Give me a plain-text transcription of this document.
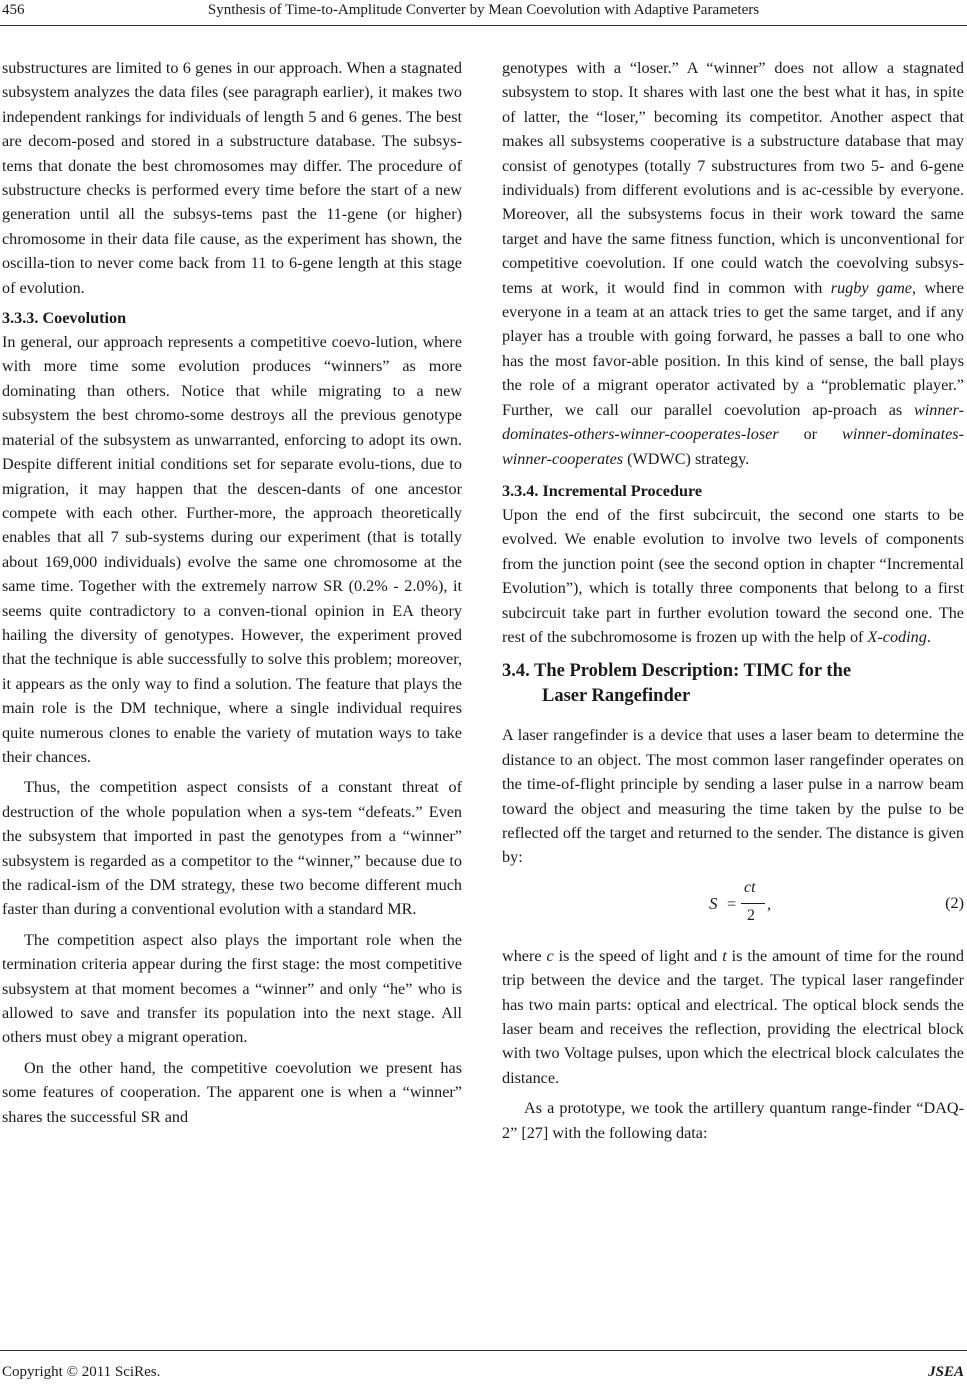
456	Synthesis of Time-to-Amplitude Converter by Mean Coevolution with Adaptive Parameters

substructures are limited to 6 genes in our approach. When a stagnated subsystem analyzes the data files (see paragraph earlier), it makes two independent rankings for individuals of length 5 and 6 genes. The best are decom-posed and stored in a substructure database. The subsys-tems that donate the best chromosomes may differ. The procedure of substructure checks is performed every time before the start of a new generation until all the subsys-tems past the 11-gene (or higher) chromosome in their data file cause, as the experiment has shown, the oscilla-tion to never come back from 11 to 6-gene length at this stage of evolution.

3.3.3. Coevolution

In general, our approach represents a competitive coevo-lution, where with more time some evolution produces “winners” as more dominating than others. Notice that while migrating to a new subsystem the best chromo-some destroys all the previous genotype material of the subsystem as unwarranted, enforcing to adopt its own. Despite different initial conditions set for separate evolu-tions, due to migration, it may happen that the descen-dants of one ancestor compete with each other. Further-more, the approach theoretically enables that all 7 sub-systems during our experiment (that is totally about 169,000 individuals) evolve the same one chromosome at the same time. Together with the extremely narrow SR (0.2% - 2.0%), it seems quite contradictory to a conven-tional opinion in EA theory hailing the diversity of genotypes. However, the experiment proved that the technique is able successfully to solve this problem; moreover, it appears as the only way to find a solution. The feature that plays the main role is the DM technique, where a single individual requires quite numerous clones to enable the variety of mutation ways to take their chances.

Thus, the competition aspect consists of a constant threat of destruction of the whole population when a sys-tem “defeats.” Even the subsystem that imported in past the genotypes from a “winner” subsystem is regarded as a competitor to the “winner,” because due to the radical-ism of the DM strategy, these two become different much faster than during a conventional evolution with a standard MR.

The competition aspect also plays the important role when the termination criteria appear during the first stage: the most competitive subsystem at that moment becomes a “winner” and only “he” who is allowed to save and transfer its population into the next stage. All others must obey a migrant operation.

On the other hand, the competitive coevolution we present has some features of cooperation. The apparent one is when a “winner” shares the successful SR and

genotypes with a “loser.” A “winner” does not allow a stagnated subsystem to stop. It shares with last one the best what it has, in spite of latter, the “loser,” becoming its competitor. Another aspect that makes all subsystems cooperative is a substructure database that may consist of genotypes (totally 7 substructures from two 5- and 6-gene individuals) from different evolutions and is ac-cessible by everyone. Moreover, all the subsystems focus in their work toward the same target and have the same fitness function, which is unconventional for competitive coevolution. If one could watch the coevolving subsys-tems at work, it would find in common with rugby game, where everyone in a team at an attack tries to get the same target, and if any player has a trouble with going forward, he passes a ball to one who has the most favor-able position. In this kind of sense, the ball plays the role of a migrant operator activated by a “problematic player.” Further, we call our parallel coevolution ap-proach as winner-dominates-others-winner-cooperates-loser or winner-dominates-winner-cooperates (WDWC) strategy.

3.3.4. Incremental Procedure

Upon the end of the first subcircuit, the second one starts to be evolved. We enable evolution to involve two levels of components from the junction point (see the second option in chapter “Incremental Evolution”), which is totally three components that belong to a first subcircuit take part in further evolution toward the second one. The rest of the subchromosome is frozen up with the help of X-coding.

3.4. The Problem Description: TIMC for the
Laser Rangefinder

A laser rangefinder is a device that uses a laser beam to determine the distance to an object. The most common laser rangefinder operates on the time-of-flight principle by sending a laser pulse in a narrow beam toward the object and measuring the time taken by the pulse to be reflected off the target and returned to the sender. The distance is given by:

S =
ct
2
,	(2)

where c is the speed of light and t is the amount of time for the round trip between the device and the target. The typical laser rangefinder has two main parts: optical and electrical. The optical block sends the laser beam and receives the reflection, providing the electrical block with two Voltage pulses, upon which the electrical block calculates the distance.

As a prototype, we took the artillery quantum range-finder “DAQ-2” [27] with the following data:

Copyright © 2011 SciRes.	JSEA
